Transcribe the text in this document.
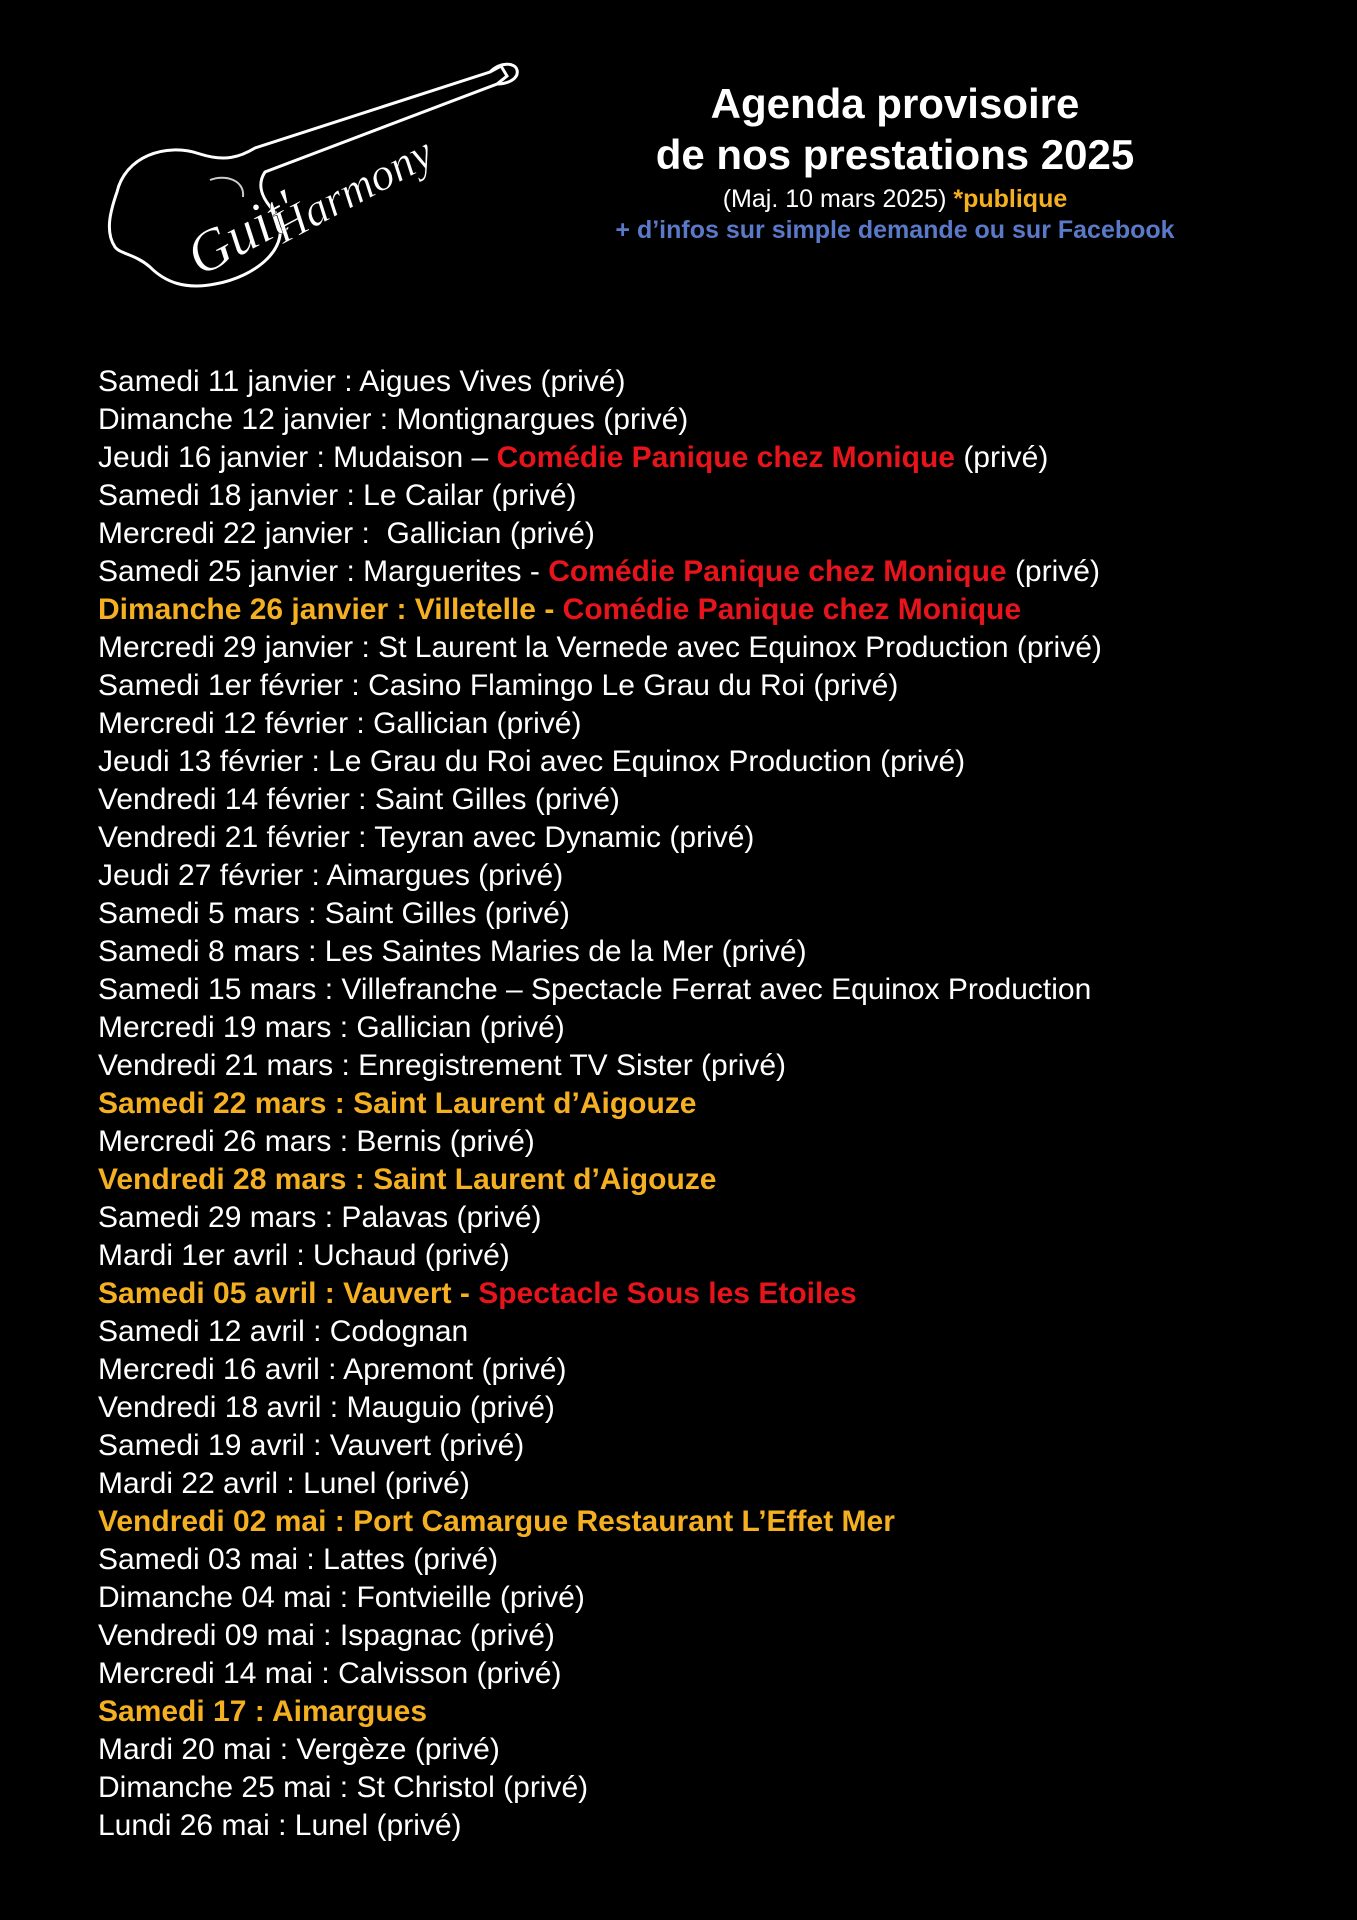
Guit'
Harmony
Agenda provisoire
de nos prestations 2025
(Maj. 10 mars 2025) *publique
+ d’infos sur simple demande ou sur Facebook
Samedi 11 janvier : Aigues Vives (privé)
Dimanche 12 janvier : Montignargues (privé)
Jeudi 16 janvier : Mudaison – Comédie Panique chez Monique (privé)
Samedi 18 janvier : Le Cailar (privé)
Mercredi 22 janvier :  Gallician (privé)
Samedi 25 janvier : Marguerites - Comédie Panique chez Monique (privé)
Dimanche 26 janvier : Villetelle - Comédie Panique chez Monique
Mercredi 29 janvier : St Laurent la Vernede avec Equinox Production (privé)
Samedi 1er février : Casino Flamingo Le Grau du Roi (privé)
Mercredi 12 février : Gallician (privé)
Jeudi 13 février : Le Grau du Roi avec Equinox Production (privé)
Vendredi 14 février : Saint Gilles (privé)
Vendredi 21 février : Teyran avec Dynamic (privé)
Jeudi 27 février : Aimargues (privé)
Samedi 5 mars : Saint Gilles (privé)
Samedi 8 mars : Les Saintes Maries de la Mer (privé)
Samedi 15 mars : Villefranche – Spectacle Ferrat avec Equinox Production
Mercredi 19 mars : Gallician (privé)
Vendredi 21 mars : Enregistrement TV Sister (privé)
Samedi 22 mars : Saint Laurent d’Aigouze
Mercredi 26 mars : Bernis (privé)
Vendredi 28 mars : Saint Laurent d’Aigouze
Samedi 29 mars : Palavas (privé)
Mardi 1er avril : Uchaud (privé)
Samedi 05 avril : Vauvert - Spectacle Sous les Etoiles
Samedi 12 avril : Codognan
Mercredi 16 avril : Apremont (privé)
Vendredi 18 avril : Mauguio (privé)
Samedi 19 avril : Vauvert (privé)
Mardi 22 avril : Lunel (privé)
Vendredi 02 mai : Port Camargue Restaurant L’Effet Mer
Samedi 03 mai : Lattes (privé)
Dimanche 04 mai : Fontvieille (privé)
Vendredi 09 mai : Ispagnac (privé)
Mercredi 14 mai : Calvisson (privé)
Samedi 17 : Aimargues
Mardi 20 mai : Vergèze (privé)
Dimanche 25 mai : St Christol (privé)
Lundi 26 mai : Lunel (privé)
